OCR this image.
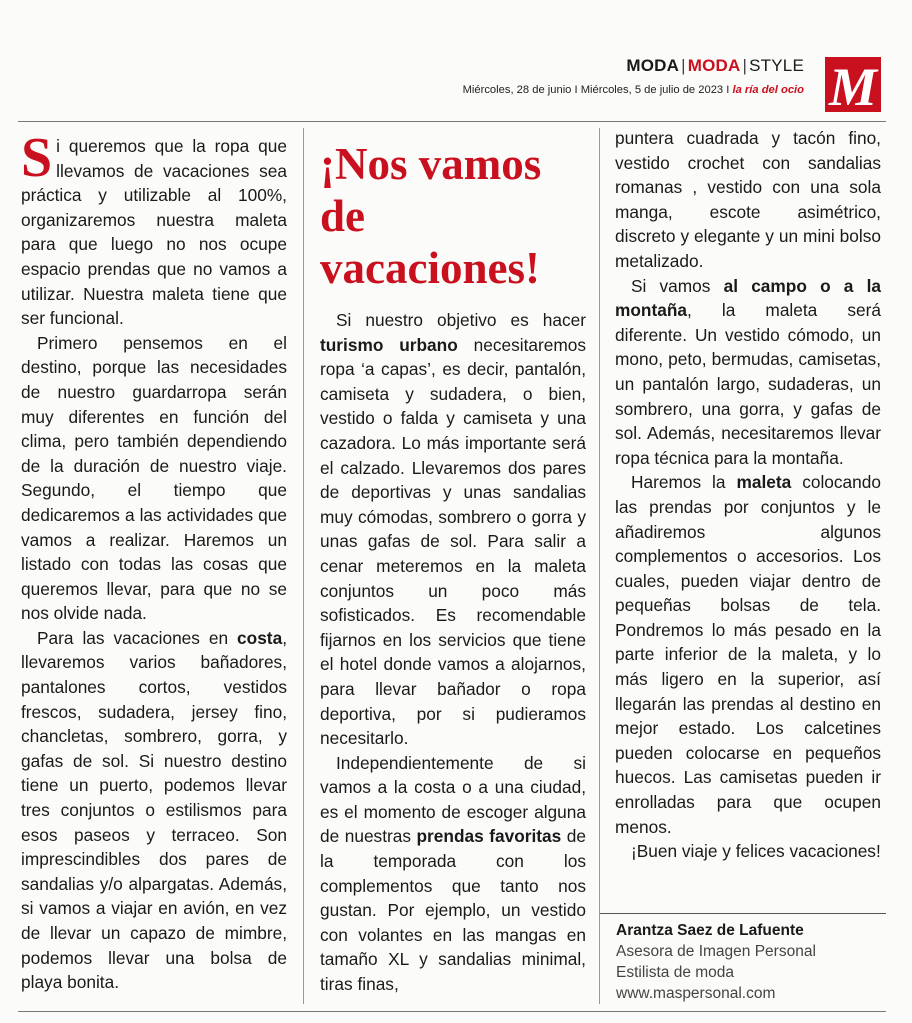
MODA | MODA | STYLE
Miércoles, 28 de junio I Miércoles, 5 de julio de 2023 I la ría del ocio M

Si queremos que la ropa que llevamos de vacaciones sea práctica y utilizable al 100%, organizaremos nuestra maleta para que luego no nos ocupe espacio prendas que no vamos a utilizar. Nuestra maleta tiene que ser funcional.

Primero pensemos en el destino, porque las necesidades de nuestro guardarropa serán muy diferentes en función del clima, pero también dependiendo de la duración de nuestro viaje. Segundo, el tiempo que dedicaremos a las actividades que vamos a realizar. Haremos un listado con todas las cosas que queremos llevar, para que no se nos olvide nada.

Para las vacaciones en costa, llevaremos varios bañadores, pantalones cortos, vestidos frescos, sudadera, jersey fino, chancletas, sombrero, gorra, y gafas de sol. Si nuestro destino tiene un puerto, podemos llevar tres conjuntos o estilismos para esos paseos y terraceo. Son imprescindibles dos pares de sandalias y/o alpargatas. Además, si vamos a viajar en avión, en vez de llevar un capazo de mimbre, podemos llevar una bolsa de playa bonita.

¡Nos vamos de vacaciones!

Si nuestro objetivo es hacer turismo urbano necesitaremos ropa ‘a capas’, es decir, pantalón, camiseta y sudadera, o bien, vestido o falda y camiseta y una cazadora. Lo más importante será el calzado. Llevaremos dos pares de deportivas y unas sandalias muy cómodas, sombrero o gorra y unas gafas de sol. Para salir a cenar meteremos en la maleta conjuntos un poco más sofisticados. Es recomendable fijarnos en los servicios que tiene el hotel donde vamos a alojarnos, para llevar bañador o ropa deportiva, por si pudieramos necesitarlo.

Independientemente de si vamos a la costa o a una ciudad, es el momento de escoger alguna de nuestras prendas favoritas de la temporada con los complementos que tanto nos gustan. Por ejemplo, un vestido con volantes en las mangas en tamaño XL y sandalias minimal, tiras finas,

puntera cuadrada y tacón fino, vestido crochet con sandalias romanas , vestido con una sola manga, escote asimétrico, discreto y elegante y un mini bolso metalizado.

Si vamos al campo o a la montaña, la maleta será diferente. Un vestido cómodo, un mono, peto, bermudas, camisetas, un pantalón largo, sudaderas, un sombrero, una gorra, y gafas de sol. Además, necesitaremos llevar ropa técnica para la montaña.

Haremos la maleta colocando las prendas por conjuntos y le añadiremos algunos complementos o accesorios. Los cuales, pueden viajar dentro de pequeñas bolsas de tela. Pondremos lo más pesado en la parte inferior de la maleta, y lo más ligero en la superior, así llegarán las prendas al destino en mejor estado. Los calcetines pueden colocarse en pequeños huecos. Las camisetas pueden ir enrolladas para que ocupen menos.

¡Buen viaje y felices vacaciones!

Arantza Saez de Lafuente
Asesora de Imagen Personal
Estilista de moda
www.maspersonal.com
